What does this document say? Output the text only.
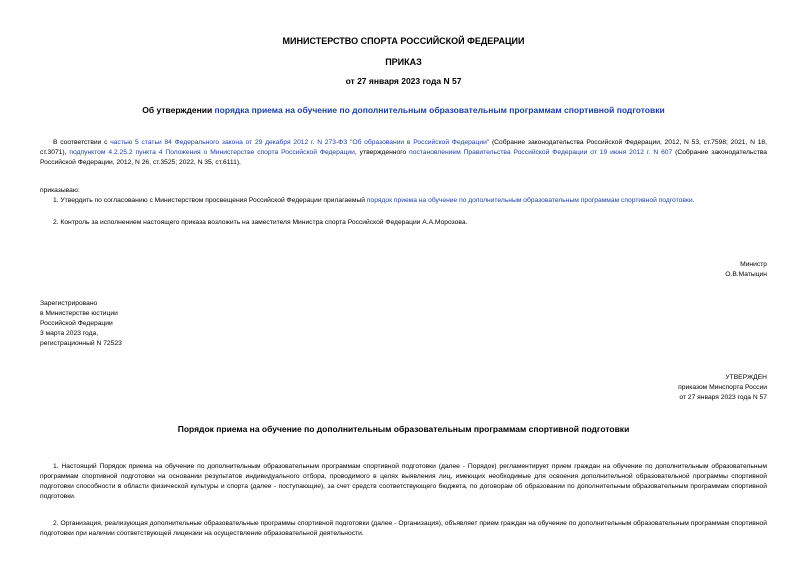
МИНИСТЕРСТВО СПОРТА РОССИЙСКОЙ ФЕДЕРАЦИИ
ПРИКАЗ
от 27 января 2023 года N 57
Об утверждении порядка приема на обучение по дополнительным образовательным программам спортивной подготовки
В соответствии с частью 5 статьи 84 Федерального закона от 29 декабря 2012 г. N 273-ФЗ "Об образовании в Российской Федерации" (Собрание законодательства Российской Федерации, 2012, N 53, ст.7598; 2021, N 18, ст.3071), подпунктом 4.2.25.2 пункта 4 Положения о Министерстве спорта Российской Федерации, утвержденного постановлением Правительства Российской Федерации от 19 июня 2012 г. N 607 (Собрание законодательства Российской Федерации, 2012, N 26, ст.3525; 2022, N 35, ст.6111),
приказываю:
1. Утвердить по согласованию с Министерством просвещения Российской Федерации прилагаемый порядок приема на обучение по дополнительным образовательным программам спортивной подготовки.
2. Контроль за исполнением настоящего приказа возложить на заместителя Министра спорта Российской Федерации А.А.Морозова.
Министр
О.В.Матыцин
Зарегистрировано
в Министерстве юстиции
Российской Федерации
3 марта 2023 года,
регистрационный N 72523
УТВЕРЖДЕН
приказом Минспорта России
от 27 января 2023 года N 57
Порядок приема на обучение по дополнительным образовательным программам спортивной подготовки
1. Настоящий Порядок приема на обучение по дополнительным образовательным программам спортивной подготовки (далее - Порядок) регламентирует прием граждан на обучение по дополнительным образовательным программам спортивной подготовки на основании результатов индивидуального отбора, проводимого в целях выявления лиц, имеющих необходимые для освоения дополнительной образовательной программы спортивной подготовки способности в области физической культуры и спорта (далее - поступающие), за счет средств соответствующего бюджета, по договорам об образовании по дополнительным образовательным программам спортивной подготовки.
2. Организация, реализующая дополнительные образовательные программы спортивной подготовки (далее - Организация), объявляет прием граждан на обучение по дополнительным образовательным программам спортивной подготовки при наличии соответствующей лицензии на осуществление образовательной деятельности.
